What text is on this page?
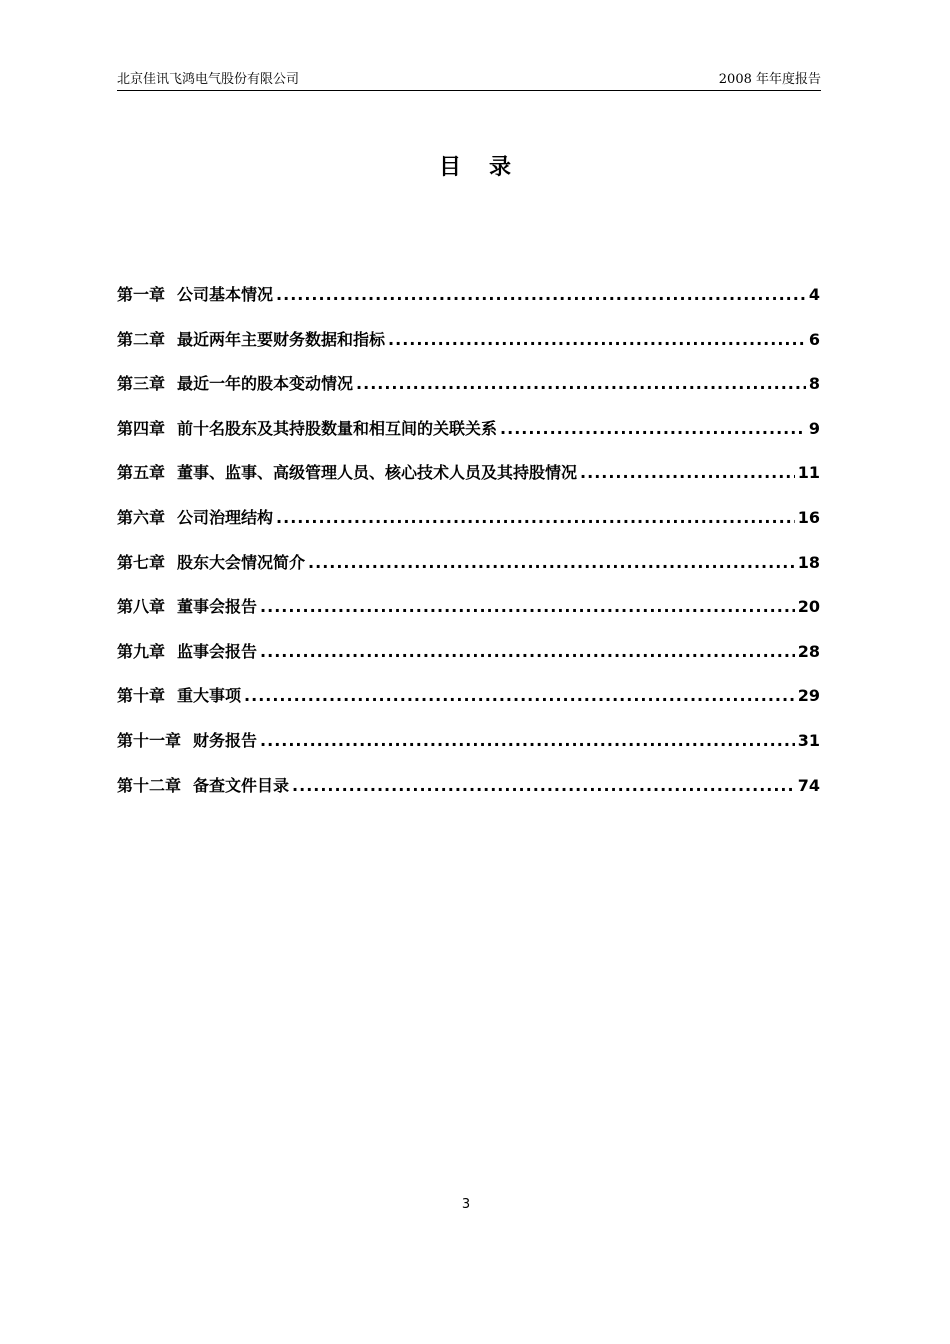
北京佳讯飞鸿电气股份有限公司	2008 年年度报告
目录
第一章 公司基本情况 .....	4
第二章 最近两年主要财务数据和指标 .....	6
第三章 最近一年的股本变动情况 .....	8
第四章 前十名股东及其持股数量和相互间的关联关系 .....	9
第五章 董事、监事、高级管理人员、核心技术人员及其持股情况 .....	11
第六章 公司治理结构 .....	16
第七章 股东大会情况简介 .....	18
第八章 董事会报告 .....	20
第九章 监事会报告 .....	28
第十章 重大事项 .....	29
第十一章 财务报告 .....	31
第十二章 备查文件目录 .....	74
3
